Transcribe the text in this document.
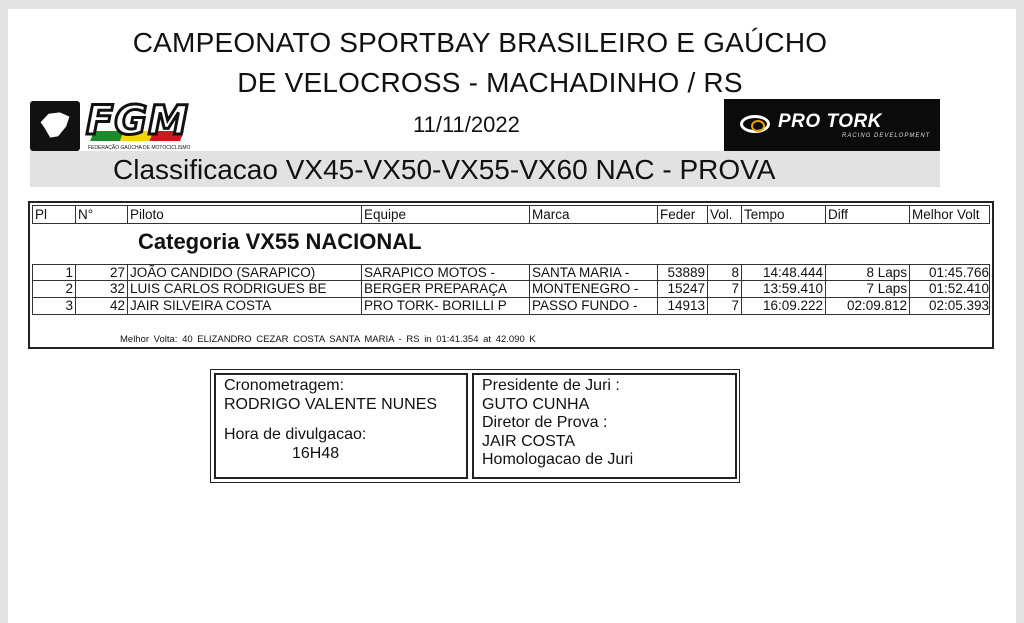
CAMPEONATO SPORTBAY BRASILEIRO E GAÚCHO
DE VELOCROSS - MACHADINHO / RS
FGM
FEDERAÇÃO GAÚCHA DE MOTOCICLISMO
11/11/2022	PRO TORK
RACING DEVELOPMENT
Classificacao VX45-VX50-VX55-VX60 NAC - PROVA
Pl	N°	Piloto	Equipe	Marca	Feder	Vol. Tempo	Diff	Melhor Volt
Categoria VX55 NACIONAL
1	27 JOÃO CANDIDO (SARAPICO)	SARAPICO MOTOS -	SANTA MARIA -	53889	8	14:48.444	8 Laps	01:45.766
2	32 LUIS CARLOS RODRIGUES BE	BERGER PREPARAÇA	MONTENEGRO -	15247	7	13:59.410	7 Laps	01:52.410
3	42 JAIR SILVEIRA COSTA	PRO TORK- BORILLI P	PASSO FUNDO -	14913	7	16:09.222	02:09.812	02:05.393
Melhor Volta: 40 ELIZANDRO CEZAR COSTA SANTA MARIA - RS in 01:41.354 at 42.090 K
Cronometragem:
RODRIGO VALENTE NUNES
Hora de divulgacao:
16H48
Presidente de Juri :
GUTO CUNHA
Diretor de Prova :
JAIR COSTA
Homologacao de Juri
